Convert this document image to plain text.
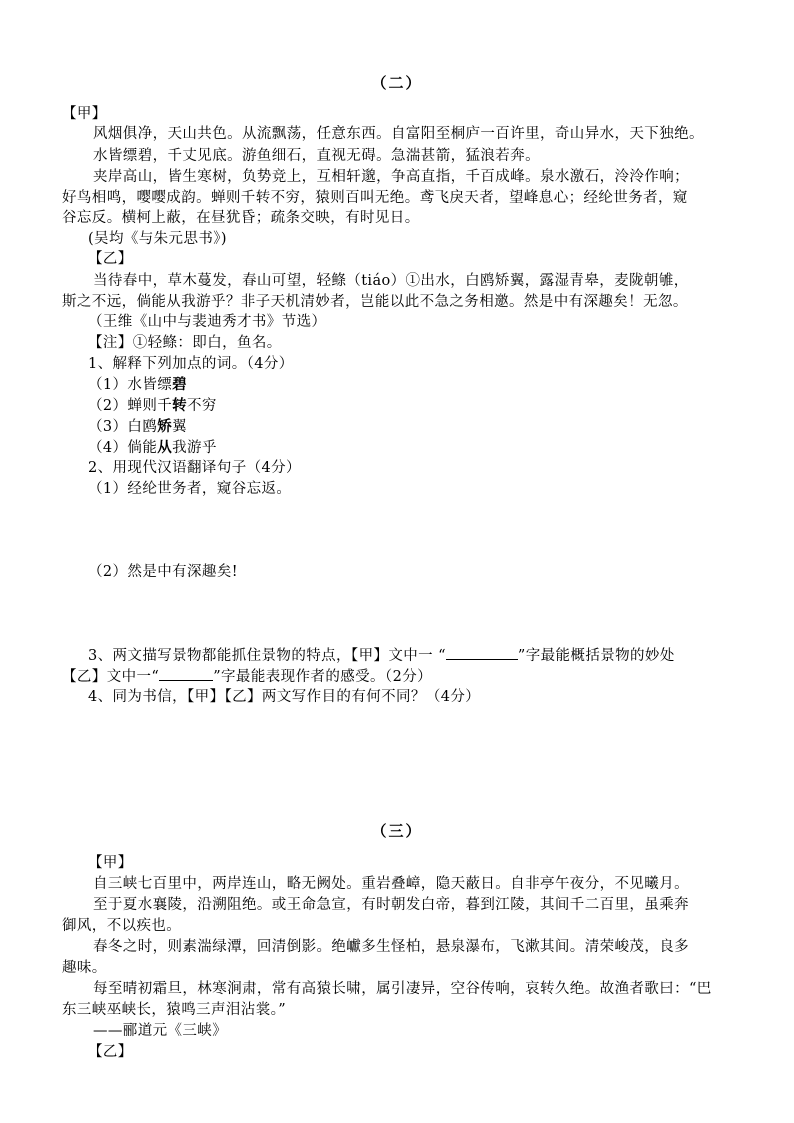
（二）
【甲】
风烟俱净，天山共色。从流飘荡，任意东西。自富阳至桐庐一百许里，奇山异水，天下独绝。
水皆缥碧，千丈见底。游鱼细石，直视无碍。急湍甚箭，猛浪若奔。
夹岸高山，皆生寒树，负势竞上，互相轩邈，争高直指，千百成峰。泉水激石，泠泠作响；
好鸟相鸣，嘤嘤成韵。蝉则千转不穷，猿则百叫无绝。鸢飞戾天者，望峰息心；经纶世务者，窥
谷忘反。横柯上蔽，在昼犹昏；疏条交映，有时见日。
(吴均《与朱元思书》)
【乙】
当待春中，草木蔓发，春山可望，轻鲦（tiáo）①出水，白鸥矫翼，露湿青皋，麦陇朝雊，
斯之不远，倘能从我游乎？非子天机清妙者，岂能以此不急之务相邀。然是中有深趣矣！无忽。
（王维《山中与裴迪秀才书》节选）
【注】①轻鲦：即白，鱼名。
1、解释下列加点的词。（4分）
（1）水皆缥碧
（2）蝉则千转不穷
（3）白鸥矫翼
（4）倘能从我游乎
2、用现代汉语翻译句子（4分）
（1）经纶世务者，窥谷忘返。
（2）然是中有深趣矣!
3、两文描写景物都能抓住景物的特点，【甲】文中一 “	”字最能概括景物的妙处
【乙】文中一“	”字最能表现作者的感受。（2分）
4、同为书信，【甲】【乙】两文写作目的有何不同？（4分）
（三）
【甲】
自三峡七百里中，两岸连山，略无阙处。重岩叠嶂，隐天蔽日。自非亭午夜分，不见曦月。
至于夏水襄陵，沿溯阻绝。或王命急宣，有时朝发白帝，暮到江陵，其间千二百里，虽乘奔
御风，不以疾也。
春冬之时，则素湍绿潭，回清倒影。绝巘多生怪柏，悬泉瀑布，飞漱其间。清荣峻茂，良多
趣味。
每至晴初霜旦，林寒涧肃，常有高猿长啸，属引凄异，空谷传响，哀转久绝。故渔者歌曰：“巴
东三峡巫峡长，猿鸣三声泪沾裳。”
——郦道元《三峡》
【乙】
